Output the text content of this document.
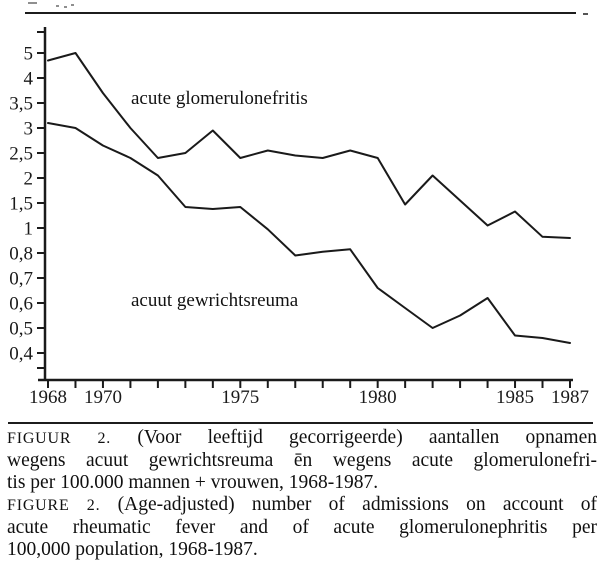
acute glomerulonefritis
acuut gewrichtsreuma
5
4
3,5
3
2,5
2
1,5
1
0,8
0,7
0,6
0,5
0,4
1968 1970	1975	1980	1985 1987
FIGUUR 2. (Voor leeftijd gecorrigeerde) aantallen opnamen
wegens acuut gewrichtsreuma ēn wegens acute glomerulonefri-
tis per 100.000 mannen + vrouwen, 1968-1987.
FIGURE 2. (Age-adjusted) number of admissions on account of
acute rheumatic fever and of acute glomerulonephritis per
100,000 population, 1968-1987.
